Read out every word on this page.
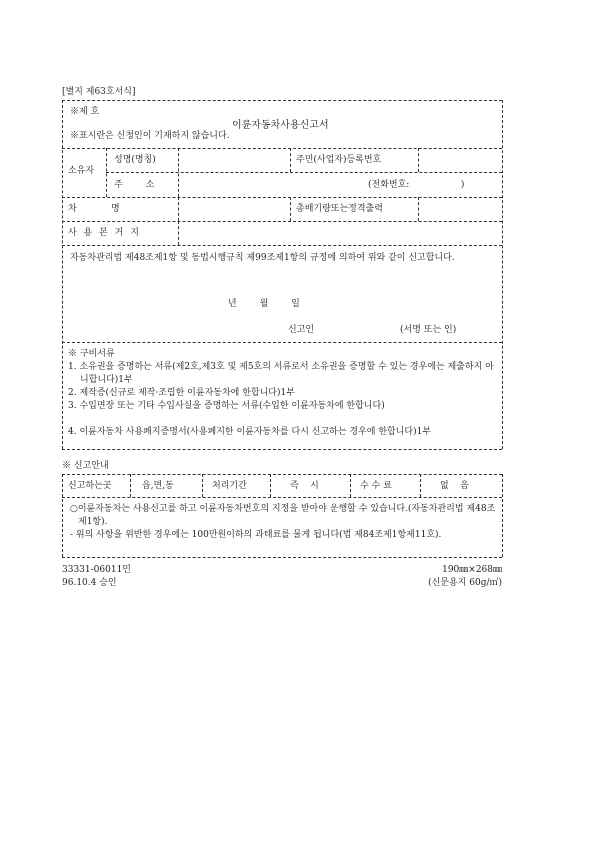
[별지 제63호서식]
※제 호
이륜자동차사용신고서
※표시란은 신청인이 기재하지 않습니다.
소유자
성명(명칭)	주민(사업자)등록번호
주        소	(전화번호:                  )
차            명	총배기량또는정격출력
사 용 본 거 지
자동차관리법 제48조제1항 및 동법시행규칙 제99조제1항의 규정에 의하여 위와 같이 신고합니다.
년        월        일
신고인	(서명 또는 인)
※ 구비서류
1. 소유권을 증명하는 서류(제2호,제3호 및 제5호의 서류로서 소유권을 증명할 수 있는 경우에는 제출하지 아니합니다)1부
2. 제작증(신규로 제작·조립한 이륜자동차에 한합니다)1부
3. 수입면장 또는 기타 수입사실을 증명하는 서류(수입한 이륜자동차에 한합니다)
4. 이륜자동차 사용폐지증명서(사용폐지한 이륜자동차를 다시 신고하는 경우에 한합니다)1부
※ 신고안내
신고하는곳	읍,면,동	처리기간	즉    시	수 수 료	없    음
○이륜자동차는 사용신고를 하고 이륜자동차번호의 지정을 받아야 운행할 수 있습니다.(자동차관리법 제48조제1항).
- 위의 사항을 위반한 경우에는 100만원이하의 과태료를 물게 됩니다(법 제84조제1항제11호).
33331-06011민
96.10.4 승인
190㎜×268㎜
(신문용지 60g/㎡)
